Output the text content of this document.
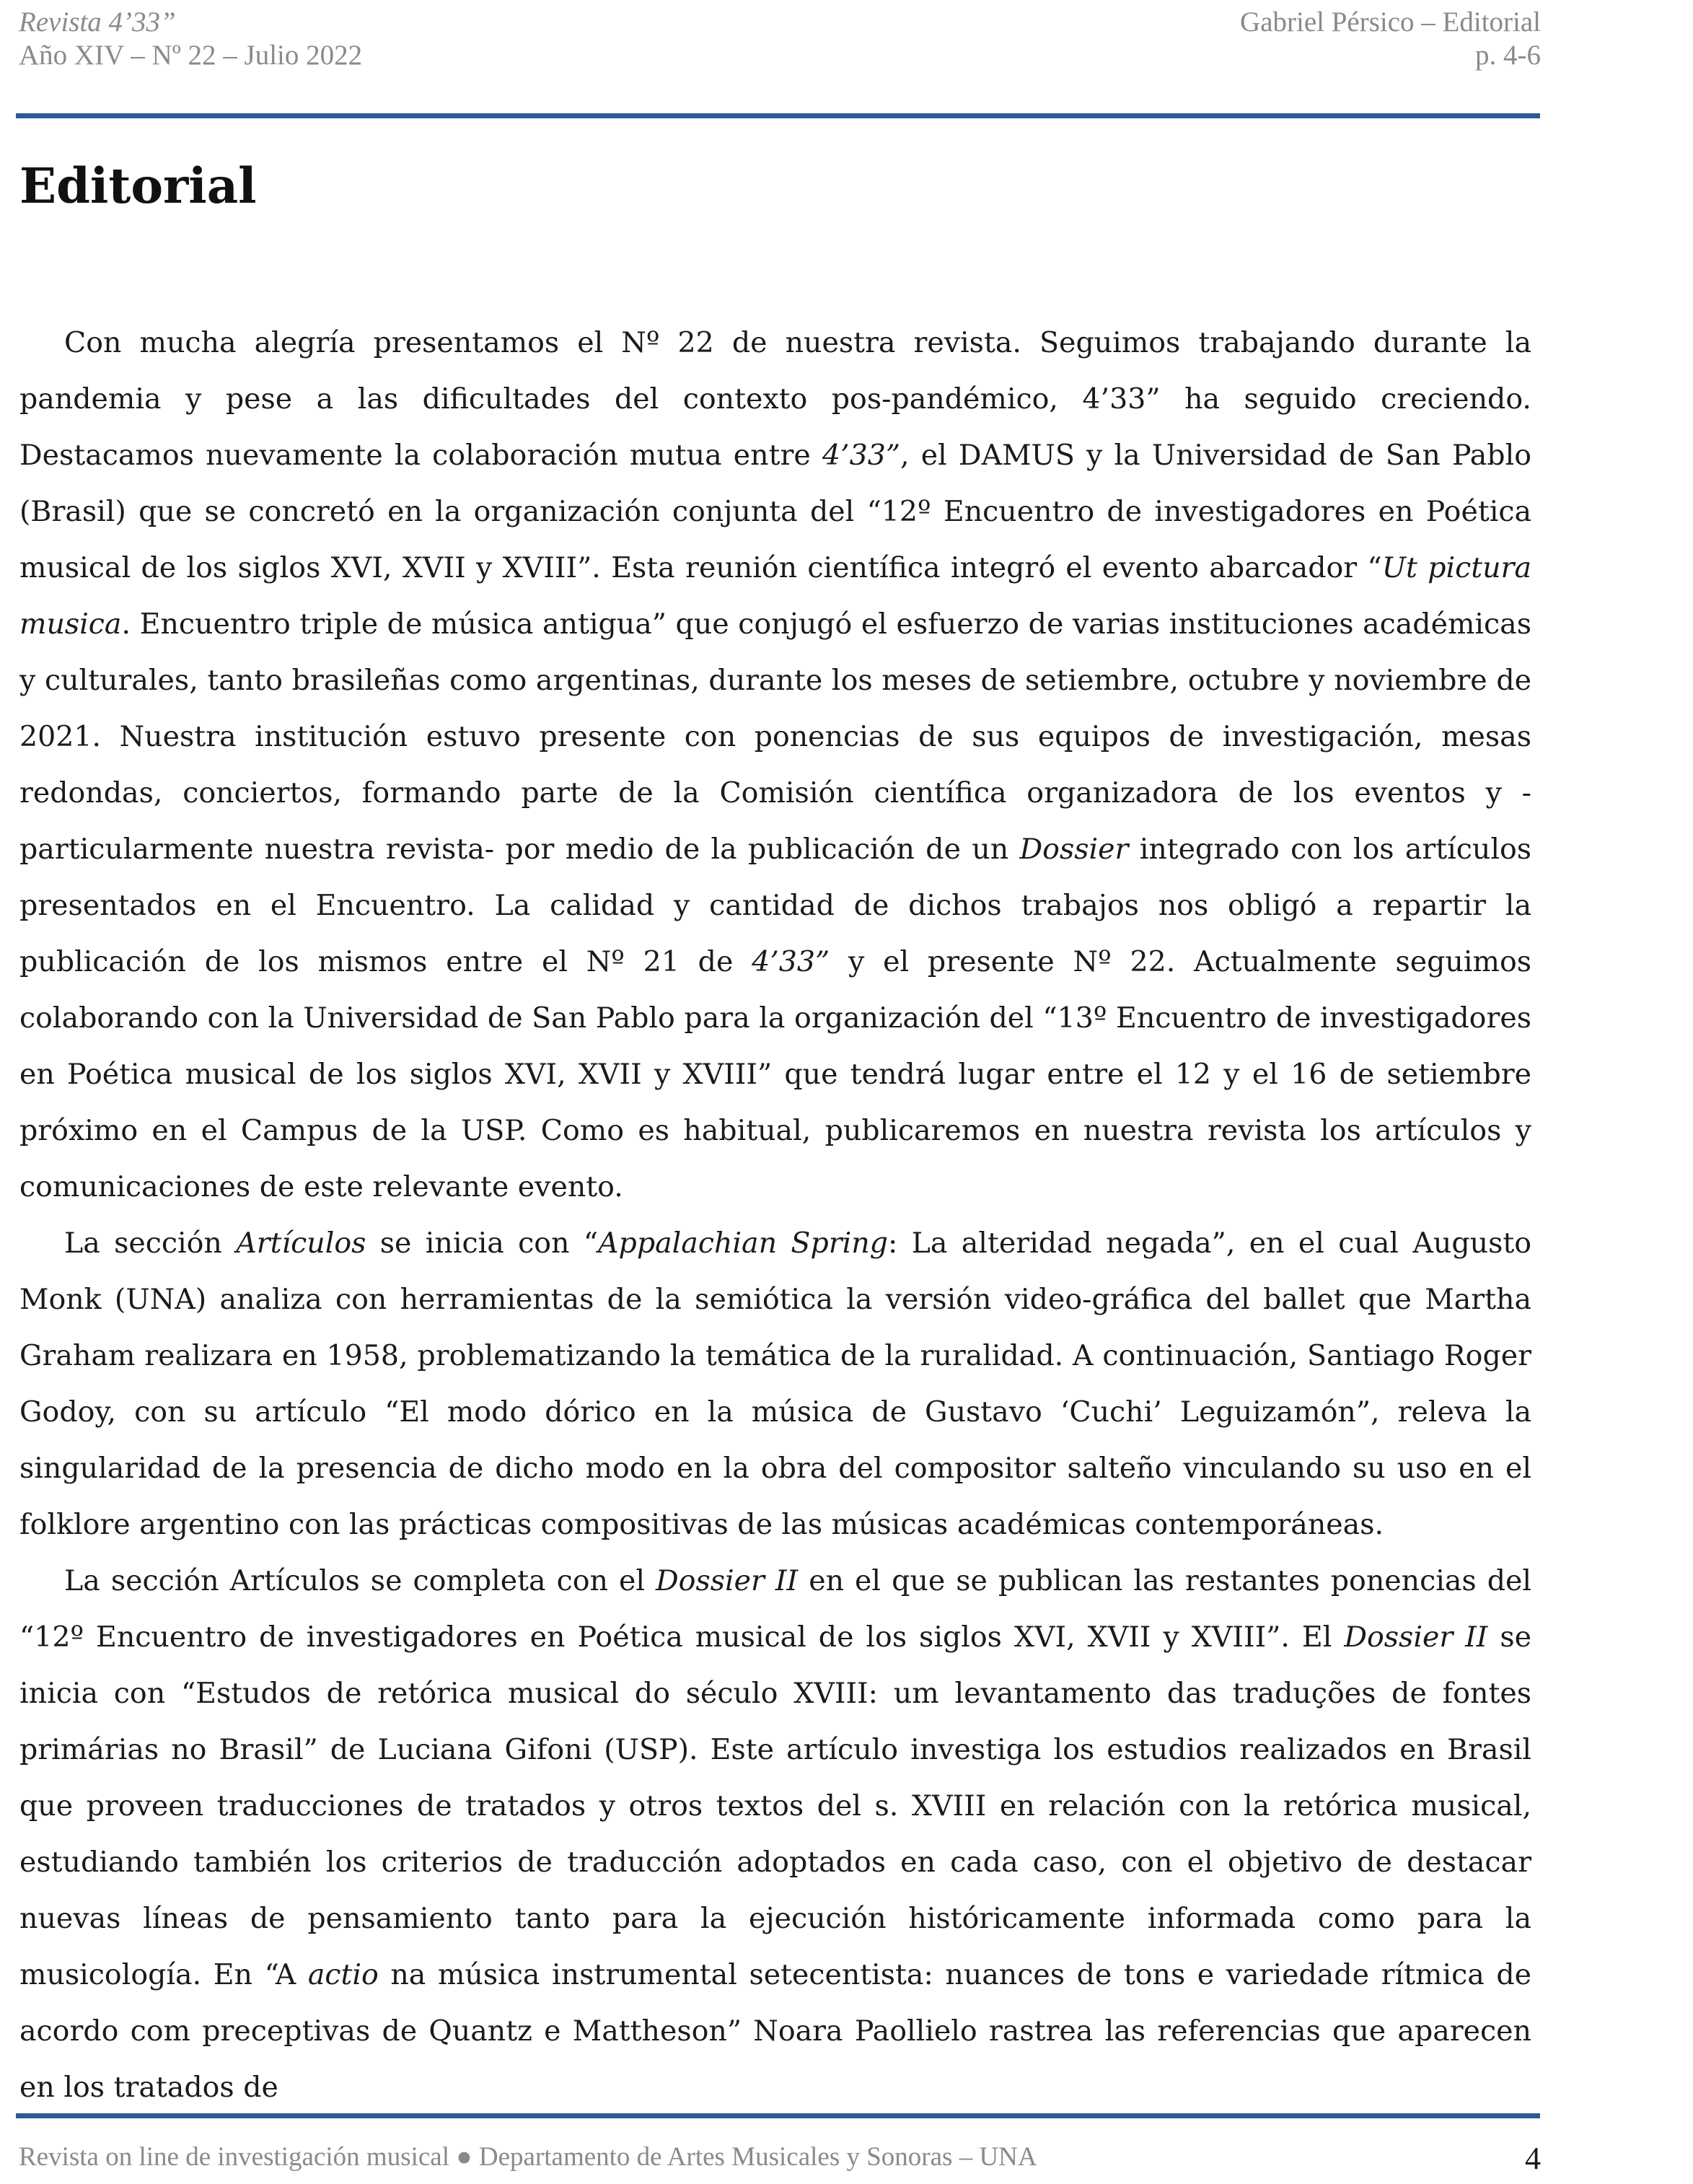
Revista 4’33”
Año XIV – Nº 22 – Julio 2022
Gabriel Pérsico – Editorial
p. 4-6
Editorial

Con mucha alegría presentamos el Nº 22 de nuestra revista. Seguimos trabajando durante la pandemia y pese a las dificultades del contexto pos-pandémico, 4’33” ha seguido creciendo. Destacamos nuevamente la colaboración mutua entre 4’33”, el DAMUS y la Universidad de San Pablo (Brasil) que se concretó en la organización conjunta del “12º Encuentro de investigadores en Poética musical de los siglos XVI, XVII y XVIII”. Esta reunión científica integró el evento abarcador “Ut pictura musica. Encuentro triple de música antigua” que conjugó el esfuerzo de varias instituciones académicas y culturales, tanto brasileñas como argentinas, durante los meses de setiembre, octubre y noviembre de 2021. Nuestra institución estuvo presente con ponencias de sus equipos de investigación, mesas redondas, conciertos, formando parte de la Comisión científica organizadora de los eventos y -particularmente nuestra revista- por medio de la publicación de un Dossier integrado con los artículos presentados en el Encuentro. La calidad y cantidad de dichos trabajos nos obligó a repartir la publicación de los mismos entre el Nº 21 de 4’33” y el presente Nº 22. Actualmente seguimos colaborando con la Universidad de San Pablo para la organización del “13º Encuentro de investigadores en Poética musical de los siglos XVI, XVII y XVIII” que tendrá lugar entre el 12 y el 16 de setiembre próximo en el Campus de la USP. Como es habitual, publicaremos en nuestra revista los artículos y comunicaciones de este relevante evento.

La sección Artículos se inicia con “Appalachian Spring: La alteridad negada”, en el cual Augusto Monk (UNA) analiza con herramientas de la semiótica la versión video-gráfica del ballet que Martha Graham realizara en 1958, problematizando la temática de la ruralidad. A continuación, Santiago Roger Godoy, con su artículo “El modo dórico en la música de Gustavo ‘Cuchi’ Leguizamón”, releva la singularidad de la presencia de dicho modo en la obra del compositor salteño vinculando su uso en el folklore argentino con las prácticas compositivas de las músicas académicas contemporáneas.

La sección Artículos se completa con el Dossier II en el que se publican las restantes ponencias del “12º Encuentro de investigadores en Poética musical de los siglos XVI, XVII y XVIII”. El Dossier II se inicia con “Estudos de retórica musical do século XVIII: um levantamento das traduções de fontes primárias no Brasil” de Luciana Gifoni (USP). Este artículo investiga los estudios realizados en Brasil que proveen traducciones de tratados y otros textos del s. XVIII en relación con la retórica musical, estudiando también los criterios de traducción adoptados en cada caso, con el objetivo de destacar nuevas líneas de pensamiento tanto para la ejecución históricamente informada como para la musicología. En “A actio na música instrumental setecentista: nuances de tons e variedade rítmica de acordo com preceptivas de Quantz e Mattheson” Noara Paollielo rastrea las referencias que aparecen en los tratados de

Revista on line de investigación musical ● Departamento de Artes Musicales y Sonoras – UNA	4
